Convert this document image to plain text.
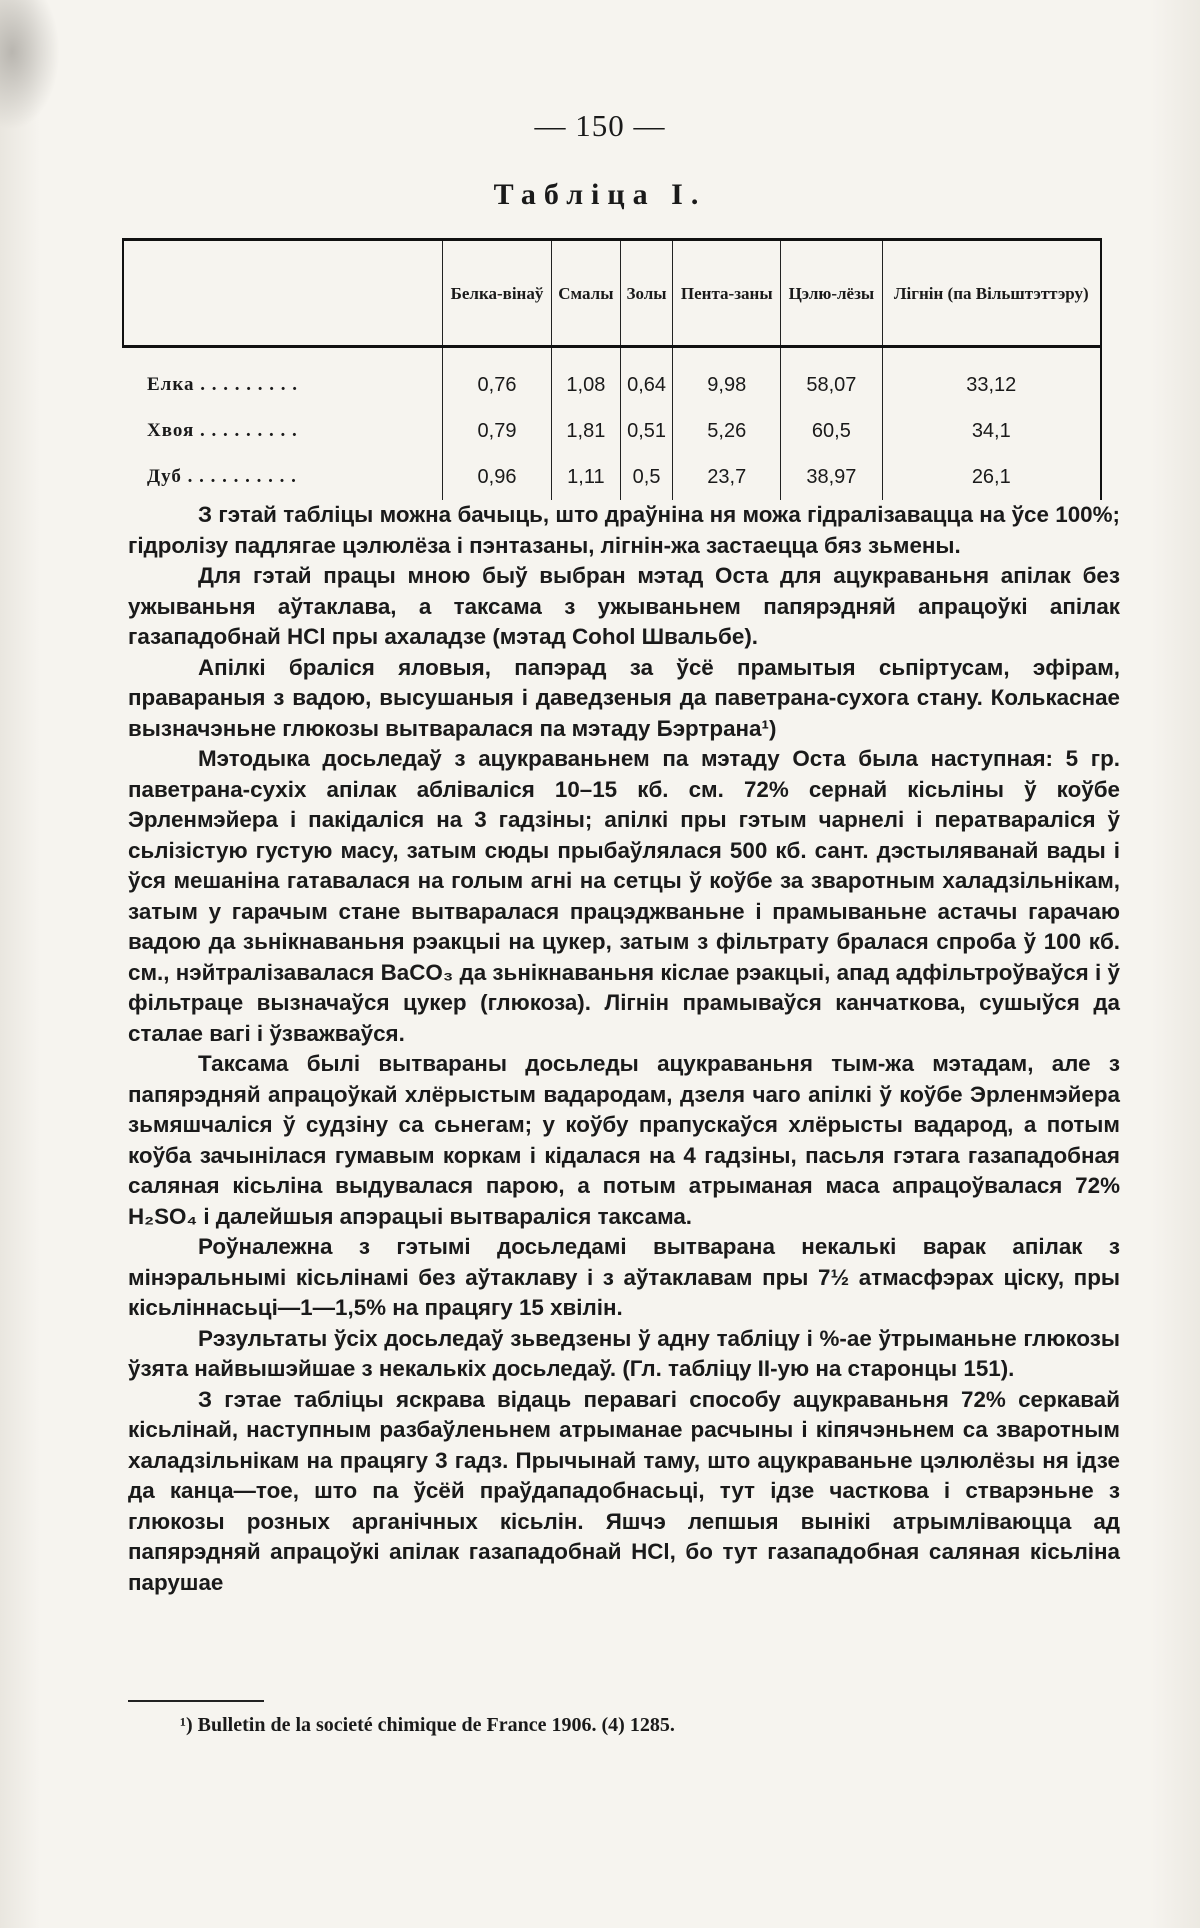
— 150 —
Табліца I.
	Белка-вінаў	Смалы	Золы	Пента-заны	Цэлю-лёзы	Лігнін (па Вільштэттэру)
Елка . . . . . . . . .	0,76	1,08	0,64	9,98	58,07	33,12
Хвоя . . . . . . . . .	0,79	1,81	0,51	5,26	60,5	34,1
Дуб . . . . . . . . . .	0,96	1,11	0,5	23,7	38,97	26,1

З гэтай табліцы можна бачыць, што драўніна ня можа гідралізавацца на ўсе 100%; гідролізу падлягае цэлюлёза і пэнтазаны, лігнін-жа застаецца бяз зьмены.

Для гэтай працы мною быў выбран мэтад Оста для ацукраваньня апілак без ужываньня аўтаклава, а таксама з ужываньнем папярэдняй апрацоўкі апілак газападобнай HCl пры ахаладзе (мэтад Cohol Швальбе).

Апілкі браліся яловыя, папэрад за ўсё прамытыя сьпіртусам, эфірам, правараныя з вадою, высушаныя і даведзеныя да паветрана-сухога стану. Колькаснае вызначэньне глюкозы вытваралася па мэтаду Бэртрана¹)

Мэтодыка досьледаў з ацукраваньнем па мэтаду Оста была наступная: 5 гр. паветрана-сухіх апілак абліваліся 10–15 кб. см. 72% сернай кісьліны ў коўбе Эрленмэйера і пакідаліся на 3 гадзіны; апілкі пры гэтым чарнелі і ператвараліся ў сьлізістую густую масу, затым сюды прыбаўлялася 500 кб. сант. дэстыляванай вады і ўся мешаніна гатавалася на голым агні на сетцы ў коўбе за зваротным халадзільнікам, затым у гарачым стане вытваралася працэджваньне і прамываньне астачы гарачаю вадою да зьнікнаваньня рэакцыі на цукер, затым з фільтрату бралася спроба ў 100 кб. см., нэйтралізавалася BaCO₃ да зьнікнаваньня кіслае рэакцыі, апад адфільтроўваўся і ў фільтраце вызначаўся цукер (глюкоза). Лігнін прамываўся канчаткова, сушыўся да сталае вагі і ўзважваўся.

Таксама былі вытвараны досьледы ацукраваньня тым-жа мэтадам, але з папярэдняй апрацоўкай хлёрыстым вадародам, дзеля чаго апілкі ў коўбе Эрленмэйера зьмяшчаліся ў судзіну са сьнегам; у коўбу прапускаўся хлёрысты вадарод, а потым коўба зачынілася гумавым коркам і кідалася на 4 гадзіны, пасьля гэтага газападобная саляная кісьліна выдувалася парою, а потым атрыманая маса апрацоўвалася 72% H₂SO₄ і далейшыя апэрацыі вытвараліся таксама.

Роўналежна з гэтымі досьледамі вытварана некалькі варак апілак з мінэральнымі кісьлінамі без аўтаклаву і з аўтаклавам пры 7½ атмасфэрах ціску, пры кісьліннасьці—1—1,5% на працягу 15 хвілін.

Рэзультаты ўсіх досьледаў зьведзены ў адну табліцу і %-ае ўтрыманьне глюкозы ўзята найвышэйшае з некалькіх досьледаў. (Гл. табліцу II-ую на старонцы 151).

З гэтае табліцы яскрава відаць перавагі способу ацукраваньня 72% серкавай кісьлінай, наступным разбаўленьнем атрыманае расчыны і кіпячэньнем са зваротным халадзільнікам на працягу 3 гадз. Прычынай таму, што ацукраваньне цэлюлёзы ня ідзе да канца—тое, што па ўсёй праўдападобнасьці, тут ідзе часткова і стварэньне з глюкозы розных арганічных кісьлін. Яшчэ лепшыя вынікі атрымліваюцца ад папярэдняй апрацоўкі апілак газападобнай HCl, бо тут газападобная саляная кісьліна парушае

¹) Bulletin de la societé chimique de France 1906. (4) 1285.
